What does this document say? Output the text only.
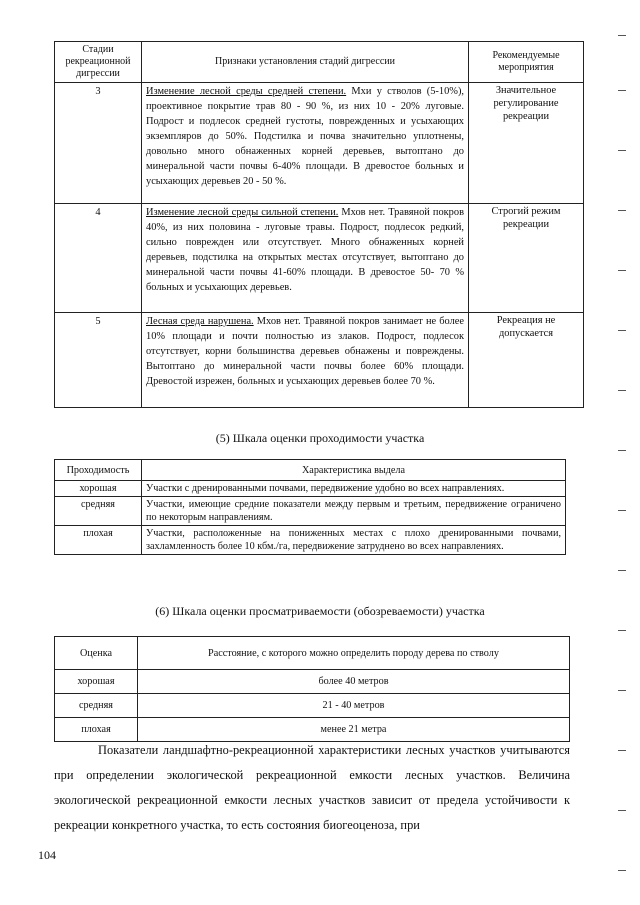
Стадии рекреационной дигрессии	Признаки установления стадий дигрессии	Рекомендуемые мероприятия
3	Изменение лесной среды средней степени. Мхи у стволов (5-10%), проективное покрытие трав 80 - 90 %, из них 10 - 20% луговые. Подрост и подлесок средней густоты, поврежденных и усыхающих экземпляров до 50%. Подстилка и почва значительно уплотнены, довольно много обнаженных корней деревьев, вытоптано до минеральной части почвы 6-40% площади. В древостое больных и усыхающих деревьев 20 - 50 %.	Значительное регулирование рекреации
4	Изменение лесной среды сильной степени. Мхов нет. Травяной покров 40%, из них половина - луговые травы. Подрост, подлесок редкий, сильно поврежден или отсутствует. Много обнаженных корней деревьев, подстилка на открытых местах отсутствует, вытоптано до минеральной части почвы 41-60% площади. В древостое 50- 70 % больных и усыхающих деревьев.	Строгий режим рекреации
5	Лесная среда нарушена. Мхов нет. Травяной покров занимает не более 10% площади и почти полностью из злаков. Подрост, подлесок отсутствует, корни большинства деревьев обнажены и повреждены. Вытоптано до минеральной части почвы более 60% площади. Древостой изрежен, больных и усыхающих деревьев более 70 %.	Рекреация не допускается
(5) Шкала оценки проходимости участка
Проходимость	Характеристика выдела
хорошая	Участки с дренированными почвами, передвижение удобно во всех направлениях.
средняя	Участки, имеющие средние показатели между первым и третьим, передвижение ограничено по некоторым направлениям.
плохая	Участки, расположенные на пониженных местах с плохо дренированными почвами, захламленность более 10 кбм./га, передвижение затруднено во всех направлениях.
(6) Шкала оценки просматриваемости (обозреваемости) участка
Оценка	Расстояние, с которого можно определить породу дерева по стволу
хорошая	более 40 метров
средняя	21 - 40 метров
плохая	менее 21 метра

Показатели ландшафтно-рекреационной характеристики лесных участков учитываются при определении экологической рекреационной емкости лесных участков. Величина экологической рекреационной емкости лесных участков зависит от предела устойчивости к рекреации конкретного участка, то есть состояния биогеоценоза, при

104
